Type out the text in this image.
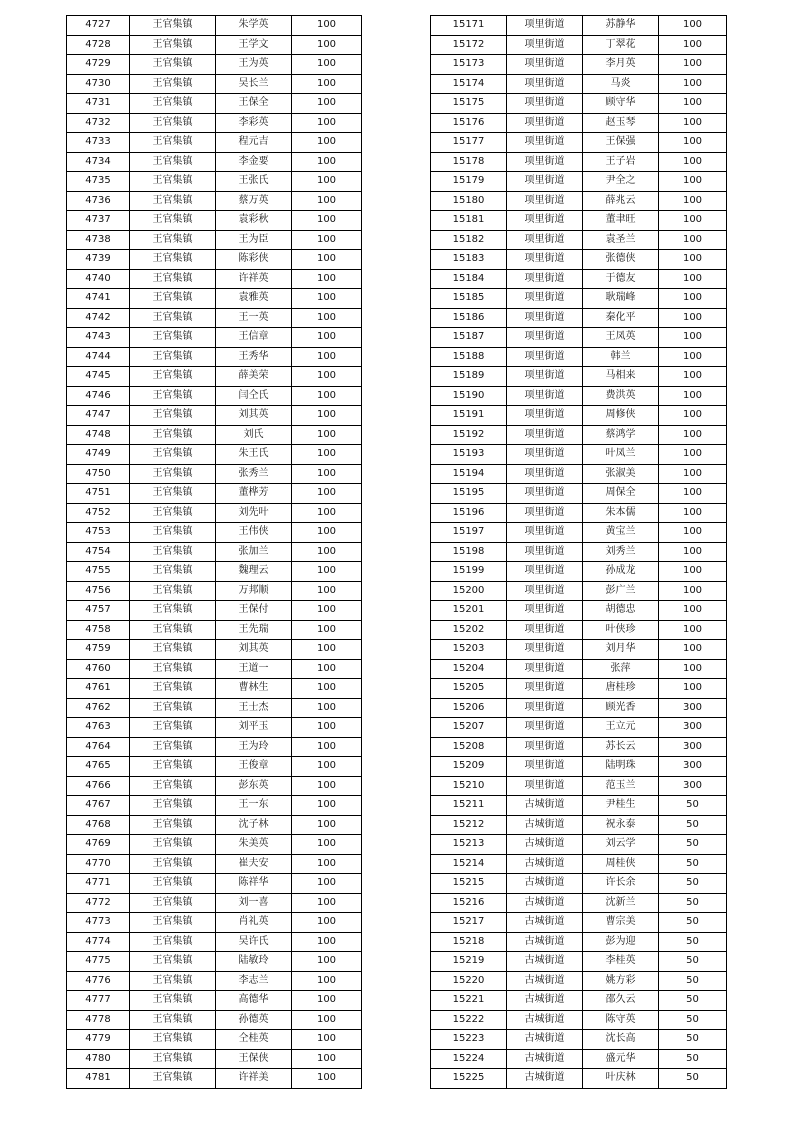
4727	王官集镇	朱学英	100
4728	王官集镇	王学文	100
4729	王官集镇	王为英	100
4730	王官集镇	吴长兰	100
4731	王官集镇	王保全	100
4732	王官集镇	李彩英	100
4733	王官集镇	程元吉	100
4734	王官集镇	李金要	100
4735	王官集镇	王张氏	100
4736	王官集镇	蔡万英	100
4737	王官集镇	袁彩秋	100
4738	王官集镇	王为臣	100
4739	王官集镇	陈彩侠	100
4740	王官集镇	许祥英	100
4741	王官集镇	袁雅英	100
4742	王官集镇	王一英	100
4743	王官集镇	王信章	100
4744	王官集镇	王秀华	100
4745	王官集镇	薛美荣	100
4746	王官集镇	闫仝氏	100
4747	王官集镇	刘其英	100
4748	王官集镇	刘氏	100
4749	王官集镇	朱王氏	100
4750	王官集镇	张秀兰	100
4751	王官集镇	董桦芳	100
4752	王官集镇	刘先叶	100
4753	王官集镇	王伟侠	100
4754	王官集镇	张加兰	100
4755	王官集镇	魏理云	100
4756	王官集镇	万邦顺	100
4757	王官集镇	王保付	100
4758	王官集镇	王先瑞	100
4759	王官集镇	刘其英	100
4760	王官集镇	王道一	100
4761	王官集镇	曹林生	100
4762	王官集镇	王士杰	100
4763	王官集镇	刘平玉	100
4764	王官集镇	王为玲	100
4765	王官集镇	王俊章	100
4766	王官集镇	彭东英	100
4767	王官集镇	王一东	100
4768	王官集镇	沈子林	100
4769	王官集镇	朱美英	100
4770	王官集镇	崔夫安	100
4771	王官集镇	陈祥华	100
4772	王官集镇	刘一喜	100
4773	王官集镇	肖礼英	100
4774	王官集镇	吴许氏	100
4775	王官集镇	陆敏玲	100
4776	王官集镇	李志兰	100
4777	王官集镇	高德华	100
4778	王官集镇	孙德英	100
4779	王官集镇	仝桂英	100
4780	王官集镇	王保侠	100
4781	王官集镇	许祥美	100
15171	项里街道	苏静华	100
15172	项里街道	丁翠花	100
15173	项里街道	李月英	100
15174	项里街道	马炎	100
15175	项里街道	顾守华	100
15176	项里街道	赵玉琴	100
15177	项里街道	王保强	100
15178	项里街道	王子岩	100
15179	项里街道	尹全之	100
15180	项里街道	薛兆云	100
15181	项里街道	董聿旺	100
15182	项里街道	袁圣兰	100
15183	项里街道	张德侠	100
15184	项里街道	于德友	100
15185	项里街道	耿瑞峰	100
15186	项里街道	秦化平	100
15187	项里街道	王凤英	100
15188	项里街道	韩兰	100
15189	项里街道	马相来	100
15190	项里街道	费洪英	100
15191	项里街道	周修侠	100
15192	项里街道	蔡鸿学	100
15193	项里街道	叶凤兰	100
15194	项里街道	张淑美	100
15195	项里街道	周保全	100
15196	项里街道	朱本儒	100
15197	项里街道	黄宝兰	100
15198	项里街道	刘秀兰	100
15199	项里街道	孙成龙	100
15200	项里街道	彭广兰	100
15201	项里街道	胡德忠	100
15202	项里街道	叶侠珍	100
15203	项里街道	刘月华	100
15204	项里街道	张萍	100
15205	项里街道	唐桂珍	100
15206	项里街道	顾光香	300
15207	项里街道	王立元	300
15208	项里街道	苏长云	300
15209	项里街道	陆明珠	300
15210	项里街道	范玉兰	300
15211	古城街道	尹桂生	50
15212	古城街道	祝永泰	50
15213	古城街道	刘云学	50
15214	古城街道	周桂侠	50
15215	古城街道	许长余	50
15216	古城街道	沈新兰	50
15217	古城街道	曹宗美	50
15218	古城街道	彭为迎	50
15219	古城街道	李桂英	50
15220	古城街道	姚方彩	50
15221	古城街道	邵久云	50
15222	古城街道	陈守英	50
15223	古城街道	沈长高	50
15224	古城街道	盛元华	50
15225	古城街道	叶庆林	50
